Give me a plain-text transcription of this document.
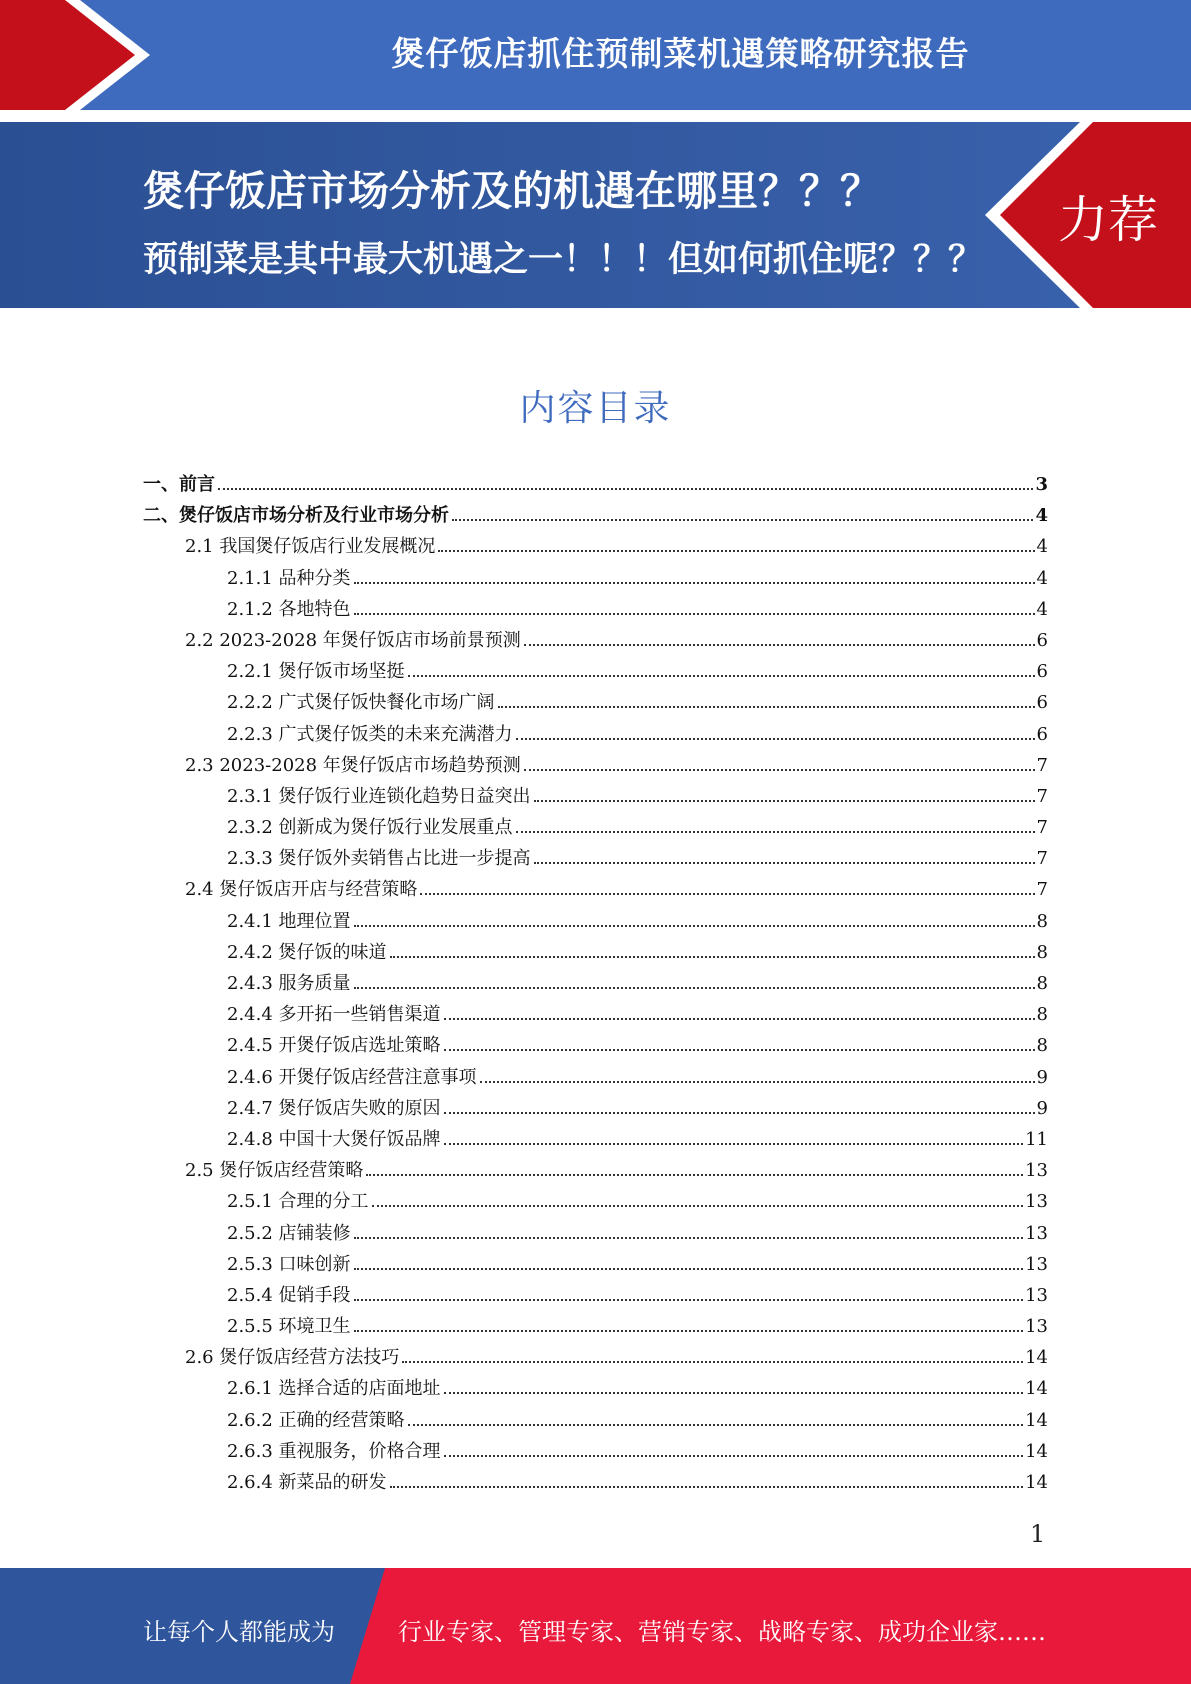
煲仔饭店抓住预制菜机遇策略研究报告
煲仔饭店市场分析及的机遇在哪里？？？
预制菜是其中最大机遇之一！！！但如何抓住呢？？？
力荐
内容目录
一、前言	3
二、煲仔饭店市场分析及行业市场分析	4
2.1 我国煲仔饭店行业发展概况	4
2.1.1 品种分类	4
2.1.2 各地特色	4
2.2 2023-2028 年煲仔饭店市场前景预测	6
2.2.1 煲仔饭市场坚挺	6
2.2.2 广式煲仔饭快餐化市场广阔	6
2.2.3 广式煲仔饭类的未来充满潜力	6
2.3 2023-2028 年煲仔饭店市场趋势预测	7
2.3.1 煲仔饭行业连锁化趋势日益突出	7
2.3.2 创新成为煲仔饭行业发展重点	7
2.3.3 煲仔饭外卖销售占比进一步提高	7
2.4 煲仔饭店开店与经营策略	7
2.4.1 地理位置	8
2.4.2 煲仔饭的味道	8
2.4.3 服务质量	8
2.4.4 多开拓一些销售渠道	8
2.4.5 开煲仔饭店选址策略	8
2.4.6 开煲仔饭店经营注意事项	9
2.4.7 煲仔饭店失败的原因	9
2.4.8 中国十大煲仔饭品牌	11
2.5 煲仔饭店经营策略	13
2.5.1 合理的分工	13
2.5.2 店铺装修	13
2.5.3 口味创新	13
2.5.4 促销手段	13
2.5.5 环境卫生	13
2.6 煲仔饭店经营方法技巧	14
2.6.1 选择合适的店面地址	14
2.6.2 正确的经营策略	14
2.6.3 重视服务，价格合理	14
2.6.4 新菜品的研发	14
1
让每个人都能成为	行业专家、管理专家、营销专家、战略专家、成功企业家……
